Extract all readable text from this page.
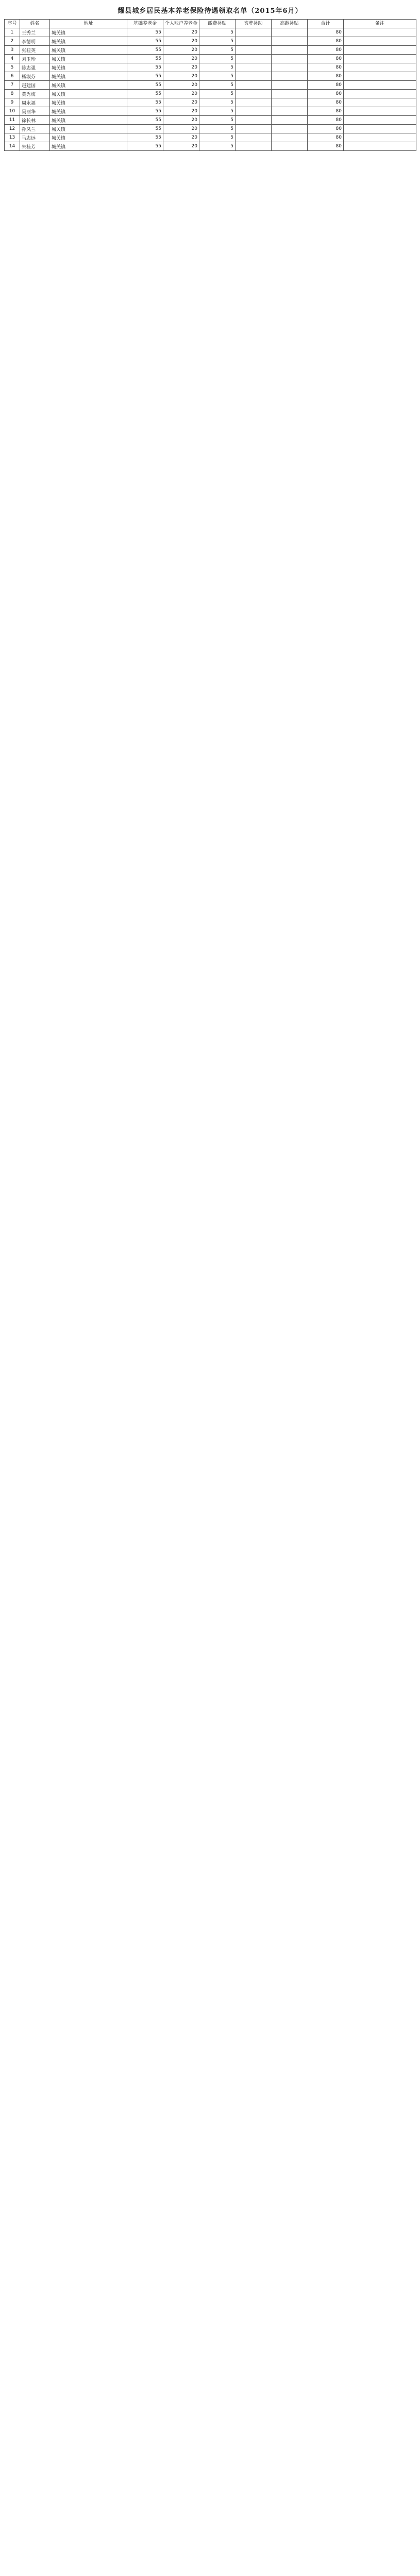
耀县城乡居民基本养老保险待遇领取名单（2015年6月）
序号	姓名	地址	基础养老金	个人账户养老金	缴费补贴	丧葬补助	高龄补贴	合计	备注
1	王秀兰	城关镇	55	20	5			80	
2	李德明	城关镇	55	20	5			80	
3	张桂英	城关镇	55	20	5			80	
4	刘玉珍	城关镇	55	20	5			80	
5	陈志强	城关镇	55	20	5			80	
6	杨淑芬	城关镇	55	20	5			80	
7	赵建国	城关镇	55	20	5			80	
8	黄秀梅	城关镇	55	20	5			80	
9	周永福	城关镇	55	20	5			80	
10	吴丽华	城关镇	55	20	5			80	
11	徐长林	城关镇	55	20	5			80	
12	孙凤兰	城关镇	55	20	5			80	
13	马志远	城关镇	55	20	5			80	
14	朱桂芳	城关镇	55	20	5			80	
